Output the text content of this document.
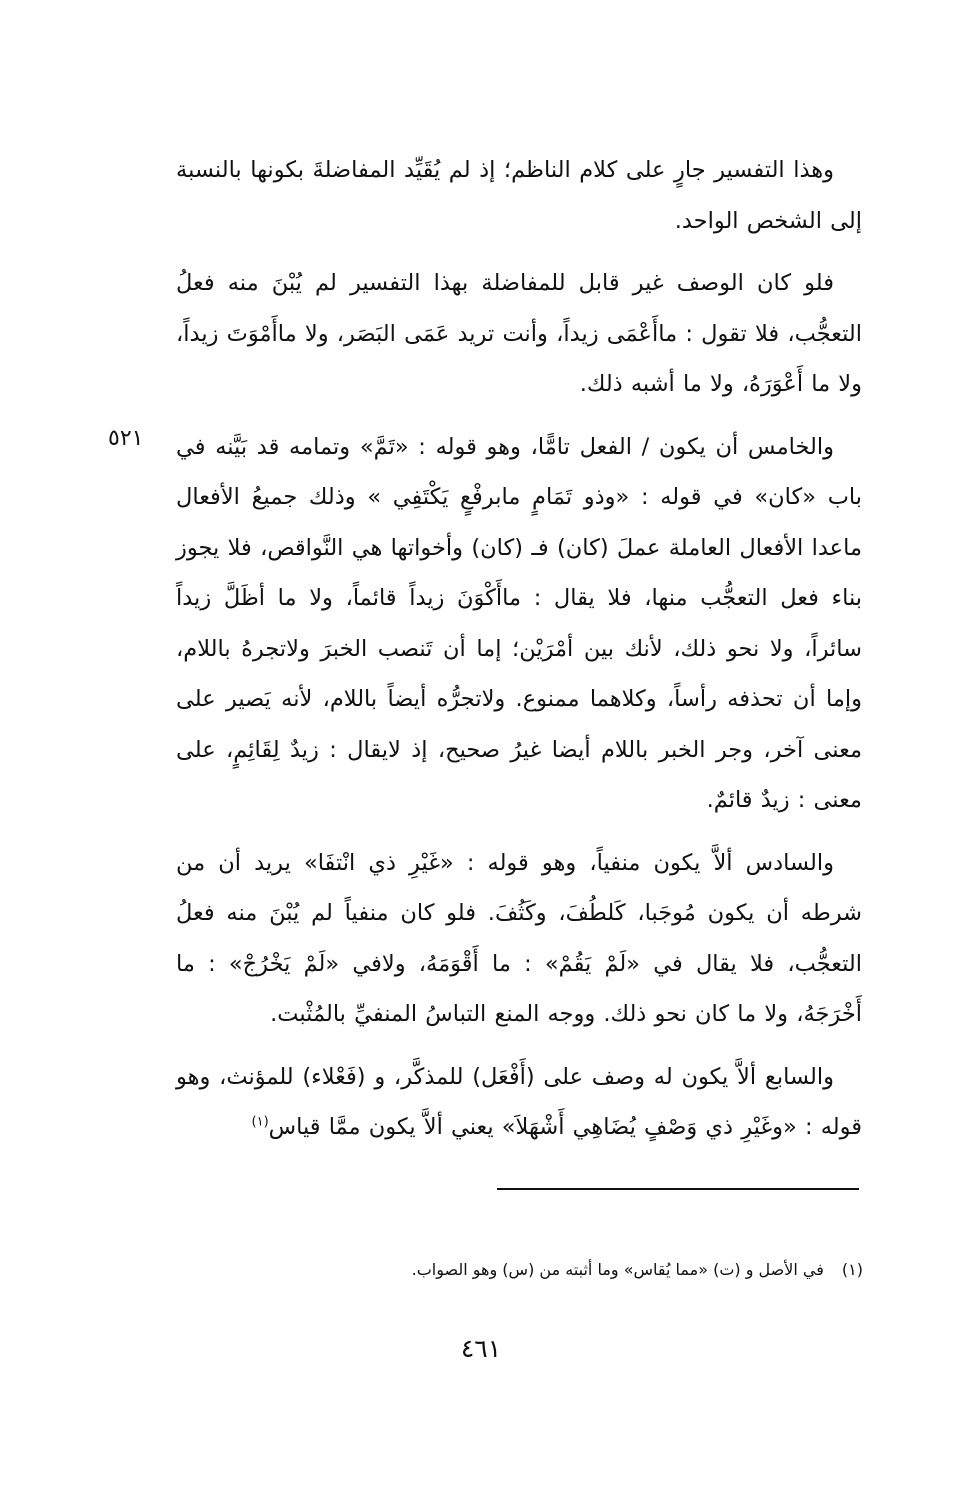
وهذا التفسير جارٍ على كلام الناظم؛ إذ لم يُقَيِّد المفاضلةَ بكونها بالنسبة إلى الشخص الواحد.

فلو كان الوصف غير قابل للمفاضلة بهذا التفسير لم يُبْنَ منه فعلُ التعجُّب، فلا تقول : ماأَعْمَى زيداً، وأنت تريد عَمَى البَصَر، ولا ماأَمْوَتَ زيداً، ولا ما أَعْوَرَهُ، ولا ما أشبه ذلك.

والخامس أن يكون / الفعل تامًّا، وهو قوله : «تَمَّ» وتمامه قد بَيَّنه في باب «كان» في قوله : «وذو تَمَامٍ مابرفْعٍ يَكْتَفِي » وذلك جميعُ الأفعال ماعدا الأفعال العاملة عملَ (كان) فـ (كان) وأخواتها هي النَّواقص، فلا يجوز بناء فعل التعجُّب منها، فلا يقال : ماأَكْوَنَ زيداً قائماً، ولا ما أظَلَّ زيداً سائراً، ولا نحو ذلك، لأنك بين أمْرَيْن؛ إما أن تَنصب الخبرَ ولاتجرهُ باللام، وإما أن تحذفه رأساً، وكلاهما ممنوع. ولاتجرُّه أيضاً باللام، لأنه يَصير على معنى آخر، وجر الخبر باللام أيضا غيرُ صحيح، إذ لايقال : زيدٌ لِقَائِمٍ، على معنى : زيدٌ قائمٌ.

والسادس ألاَّ يكون منفياً، وهو قوله : «غَيْرِ ذي انْتفَا» يريد أن من شرطه أن يكون مُوجَبا، كَلطُفَ، وكَثُفَ. فلو كان منفياً لم يُبْنَ منه فعلُ التعجُّب، فلا يقال في «لَمْ يَقُمْ» : ما أَقْوَمَهُ، ولافي «لَمْ يَخْرُجْ» : ما أَخْرَجَهُ، ولا ما كان نحو ذلك. ووجه المنع التباسُ المنفيِّ بالمُثْبت.

والسابع ألاَّ يكون له وصف على (أَفْعَل) للمذكَّر، و (فَعْلاء) للمؤنث، وهو قوله : «وغَيْرِ ذي وَصْفٍ يُضَاهِي أَشْهَلاَ» يعني ألاَّ يكون ممَّا قياس$^{(١)}$

٥٢١
(١)في الأصل و (ت) «مما يُقاس» وما أثبته من (س) وهو الصواب.
٤٦١
